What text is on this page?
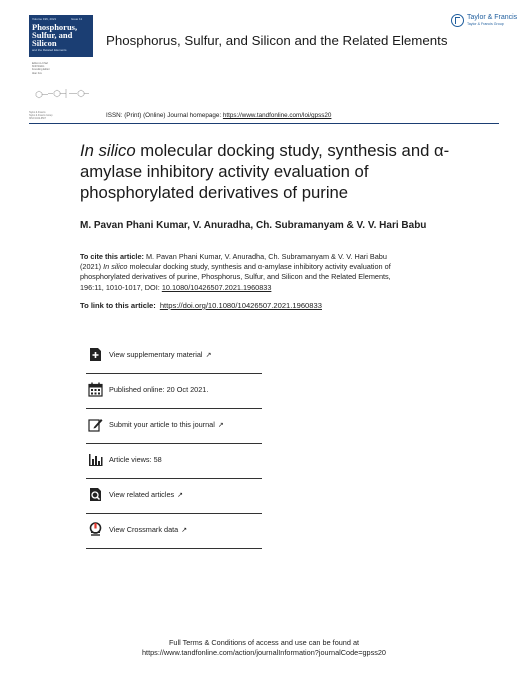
Volume 196, 2021	Issue 11
Phosphorus,
Sulfur, and
Silicon
and the Related Elements
Editor-in-Chief
Kirill Nikitin
Founding Editor
Alan Fox
Taylor & Francis
Taylor & Francis Group
ISSN 1042-6507
Phosphorus, Sulfur, and Silicon and the Related Elements
Taylor & Francis
Taylor & Francis Group
ISSN: (Print) (Online) Journal homepage: https://www.tandfonline.com/loi/gpss20
In silico molecular docking study, synthesis and α-amylase inhibitory activity evaluation of phosphorylated derivatives of purine
M. Pavan Phani Kumar, V. Anuradha, Ch. Subramanyam & V. V. Hari Babu
To cite this article: M. Pavan Phani Kumar, V. Anuradha, Ch. Subramanyam & V. V. Hari Babu (2021) In silico molecular docking study, synthesis and α-amylase inhibitory activity evaluation of phosphorylated derivatives of purine, Phosphorus, Sulfur, and Silicon and the Related Elements, 196:11, 1010-1017, DOI: 10.1080/10426507.2021.1960833
To link to this article: https://doi.org/10.1080/10426507.2021.1960833
View supplementary material ↗
Published online: 20 Oct 2021.
Submit your article to this journal ↗
Article views: 58
View related articles ↗
View Crossmark data ↗
Full Terms & Conditions of access and use can be found at
https://www.tandfonline.com/action/journalInformation?journalCode=gpss20
